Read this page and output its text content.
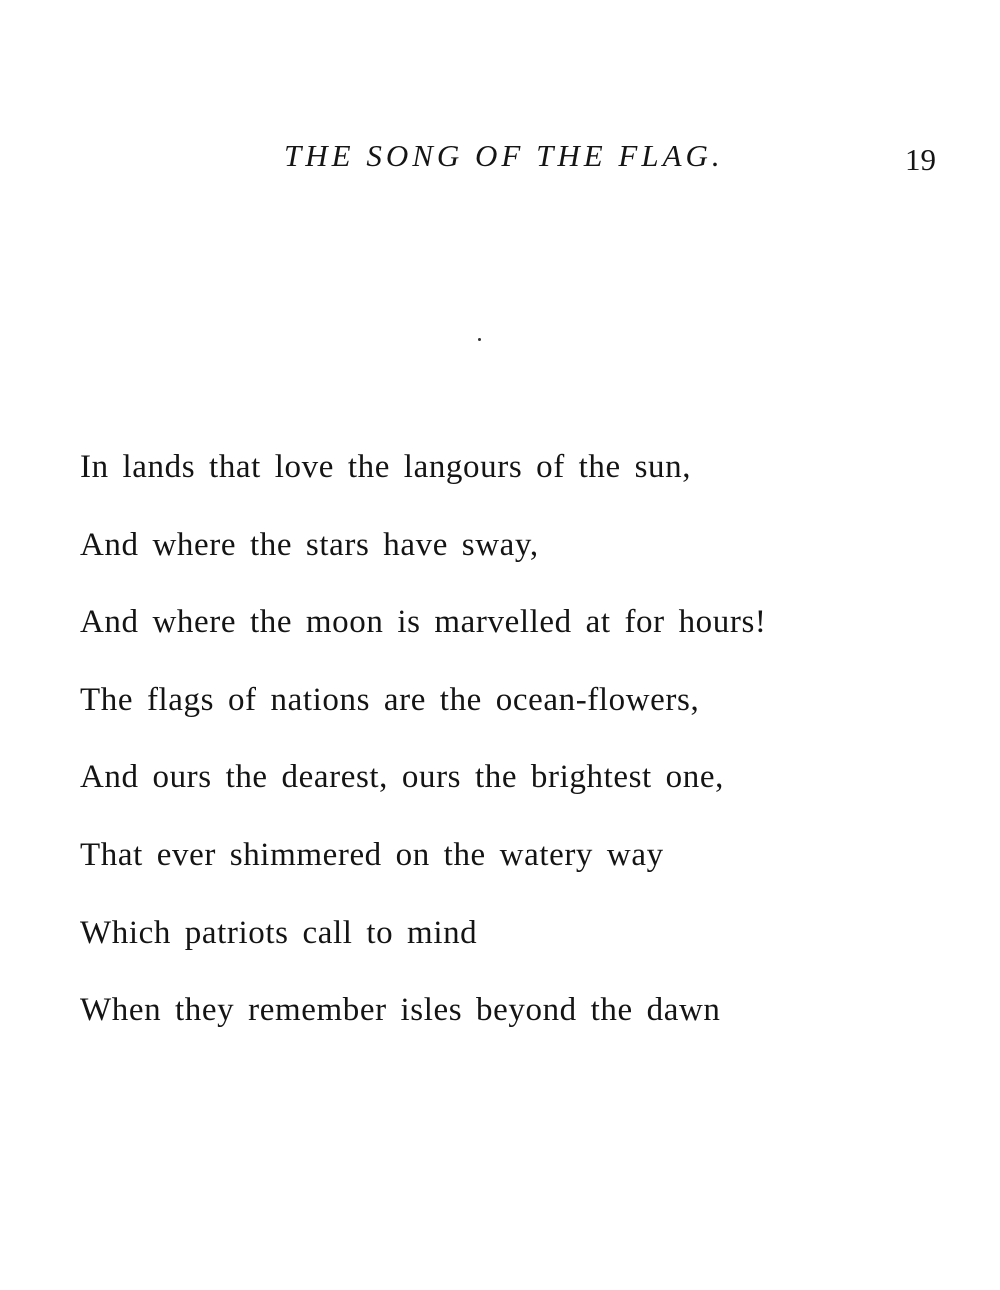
THE SONG OF THE FLAG.	19
In lands that love the langours of the sun,
And where the stars have sway,
And where the moon is marvelled at for hours!
The flags of nations are the ocean-flowers,
And ours the dearest, ours the brightest one,
That ever shimmered on the watery way
Which patriots call to mind
When they remember isles beyond the dawn
